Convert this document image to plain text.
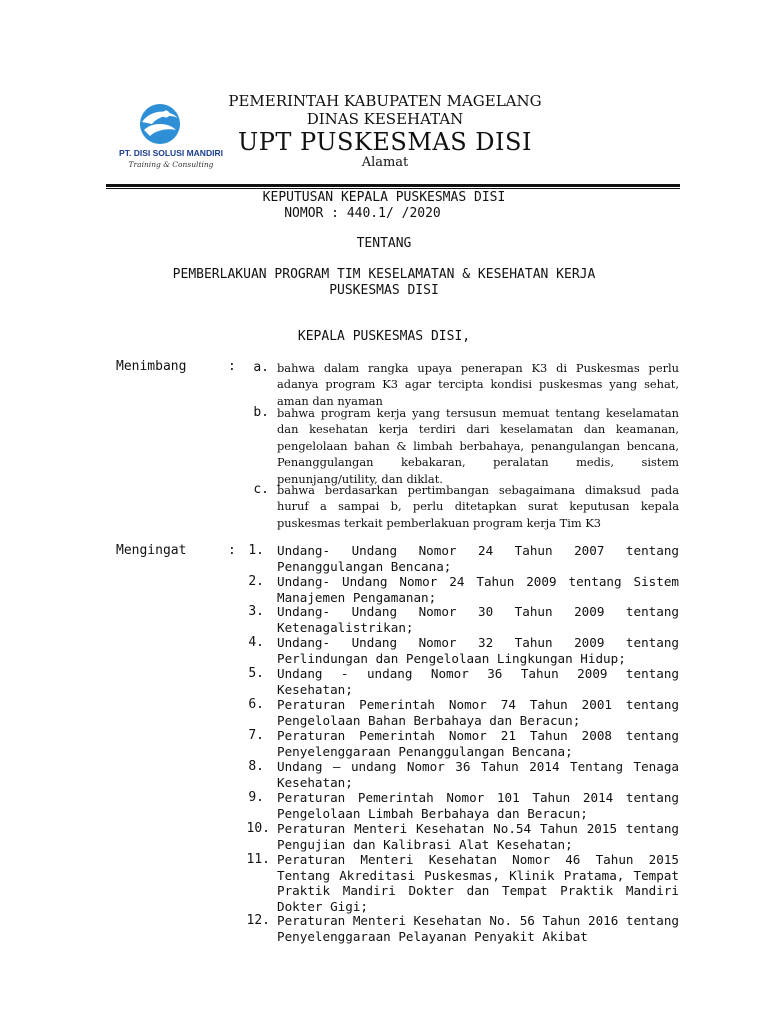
PT. DISI SOLUSI MANDIRI
Training & Consulting
PEMERINTAH KABUPATEN MAGELANG
DINAS KESEHATAN
UPT PUSKESMAS DISI
Alamat
KEPUTUSAN KEPALA PUSKESMAS DISI
NOMOR : 440.1/ /2020
TENTANG
PEMBERLAKUAN PROGRAM TIM KESELAMATAN & KESEHATAN KERJA
PUSKESMAS DISI
KEPALA PUSKESMAS DISI,
Menimbang	:	a. bahwa dalam rangka upaya penerapan K3 di Puskesmas perlu adanya program K3 agar tercipta kondisi puskesmas yang sehat, aman dan nyaman
b. bahwa program kerja yang tersusun memuat tentang keselamatan dan kesehatan kerja terdiri dari keselamatan dan keamanan, pengelolaan bahan & limbah berbahaya, penangulangan bencana, Penanggulangan kebakaran, peralatan medis, sistem penunjang/utility, dan diklat.
c. bahwa berdasarkan pertimbangan sebagaimana dimaksud pada huruf a sampai b, perlu ditetapkan surat keputusan kepala puskesmas terkait pemberlakuan program kerja Tim K3
Mengingat	: 1. Undang- Undang Nomor 24 Tahun 2007 tentang Penanggulangan Bencana;
2. Undang- Undang Nomor 24 Tahun 2009 tentang Sistem Manajemen Pengamanan;
3. Undang- Undang Nomor 30 Tahun 2009 tentang Ketenagalistrikan;
4. Undang- Undang Nomor 32 Tahun 2009 tentang Perlindungan dan Pengelolaan Lingkungan Hidup;
5. Undang - undang Nomor 36 Tahun 2009 tentang Kesehatan;
6. Peraturan Pemerintah Nomor 74 Tahun 2001 tentang Pengelolaan Bahan Berbahaya dan Beracun;
7. Peraturan Pemerintah Nomor 21 Tahun 2008 tentang Penyelenggaraan Penanggulangan Bencana;
8. Undang – undang Nomor 36 Tahun 2014 Tentang Tenaga Kesehatan;
9. Peraturan Pemerintah Nomor 101 Tahun 2014 tentang Pengelolaan Limbah Berbahaya dan Beracun;
10. Peraturan Menteri Kesehatan No.54 Tahun 2015 tentang Pengujian dan Kalibrasi Alat Kesehatan;
11. Peraturan Menteri Kesehatan Nomor 46 Tahun 2015 Tentang Akreditasi Puskesmas, Klinik Pratama, Tempat Praktik Mandiri Dokter dan Tempat Praktik Mandiri Dokter Gigi;
12. Peraturan Menteri Kesehatan No. 56 Tahun 2016 tentang Penyelenggaraan Pelayanan Penyakit Akibat
